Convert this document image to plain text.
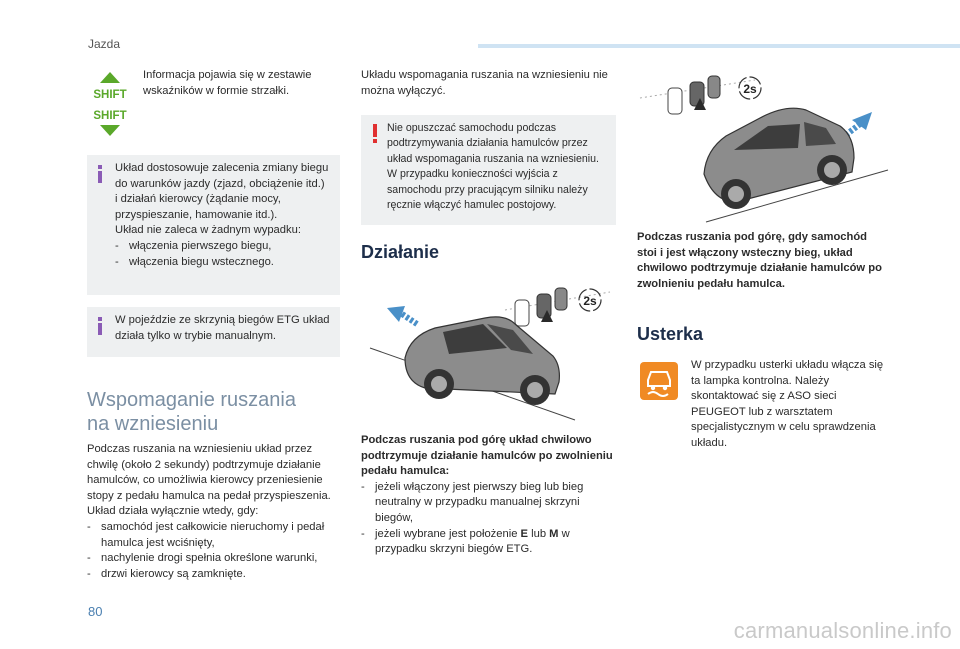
Jazda
SHIFT
SHIFT
Informacja pojawia się w zestawie wskaźników w formie strzałki.
Układ dostosowuje zalecenia zmiany biegu do warunków jazdy (zjazd, obciążenie itd.) i działań kierowcy (żądanie mocy, przyspieszanie, hamowanie itd.).
Układ nie zaleca w żadnym wypadku:
- włączenia pierwszego biegu,
- włączenia biegu wstecznego.
W pojeździe ze skrzynią biegów ETG układ działa tylko w trybie manualnym.
Wspomaganie ruszania
na wzniesieniu
Podczas ruszania na wzniesieniu układ przez chwilę (około 2 sekundy) podtrzymuje działanie hamulców, co umożliwia kierowcy przeniesienie stopy z pedału hamulca na pedał przyspieszenia.
Układ działa wyłącznie wtedy, gdy:
- samochód jest całkowicie nieruchomy i pedał hamulca jest wciśnięty,
- nachylenie drogi spełnia określone warunki,
- drzwi kierowcy są zamknięte.
Układu wspomagania ruszania na wzniesieniu nie można wyłączyć.
Nie opuszczać samochodu podczas podtrzymywania działania hamulców przez układ wspomagania ruszania na wzniesieniu. W przypadku konieczności wyjścia z samochodu przy pracującym silniku należy ręcznie włączyć hamulec postojowy.
Działanie
2s
Podczas ruszania pod górę układ chwilowo podtrzymuje działanie hamulców po zwolnieniu pedału hamulca:
- jeżeli włączony jest pierwszy bieg lub bieg neutralny w przypadku manualnej skrzyni biegów,
- jeżeli wybrane jest położenie E lub M w przypadku skrzyni biegów ETG.
2s
Podczas ruszania pod górę, gdy samochód stoi i jest włączony wsteczny bieg, układ chwilowo podtrzymuje działanie hamulców po zwolnieniu pedału hamulca.
Usterka
W przypadku usterki układu włącza się ta lampka kontrolna. Należy skontaktować się z ASO sieci PEUGEOT lub z warsztatem specjalistycznym w celu sprawdzenia układu.
80
carmanualsonline.info
